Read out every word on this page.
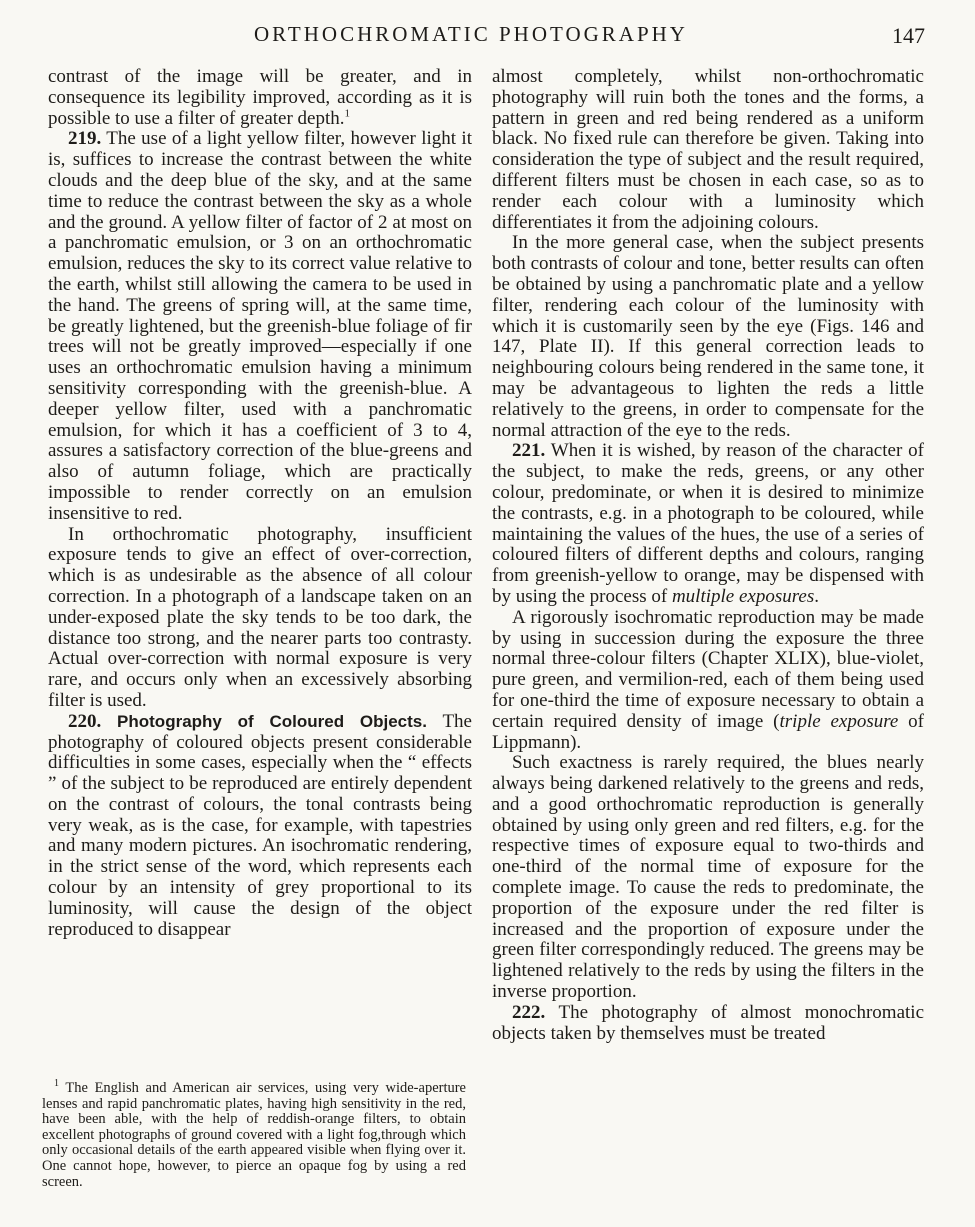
ORTHOCHROMATIC PHOTOGRAPHY	147

contrast of the image will be greater, and in consequence its legibility improved, according as it is possible to use a filter of greater depth.$^1$

219. The use of a light yellow filter, however light it is, suffices to increase the contrast between the white clouds and the deep blue of the sky, and at the same time to reduce the contrast between the sky as a whole and the ground. A yellow filter of factor of 2 at most on a panchromatic emulsion, or 3 on an orthochromatic emulsion, reduces the sky to its correct value relative to the earth, whilst still allowing the camera to be used in the hand. The greens of spring will, at the same time, be greatly lightened, but the greenish-blue foliage of fir trees will not be greatly improved—especially if one uses an orthochromatic emulsion having a minimum sensitivity corresponding with the greenish-blue. A deeper yellow filter, used with a panchromatic emulsion, for which it has a coefficient of 3 to 4, assures a satisfactory correction of the blue-greens and also of autumn foliage, which are practically impossible to render correctly on an emulsion insensitive to red.

In orthochromatic photography, insufficient exposure tends to give an effect of over-correction, which is as undesirable as the absence of all colour correction. In a photograph of a landscape taken on an under-exposed plate the sky tends to be too dark, the distance too strong, and the nearer parts too contrasty. Actual over-correction with normal exposure is very rare, and occurs only when an excessively absorbing filter is used.

220. Photography of Coloured Objects. The photography of coloured objects present considerable difficulties in some cases, especially when the “ effects ” of the subject to be reproduced are entirely dependent on the contrast of colours, the tonal contrasts being very weak, as is the case, for example, with tapestries and many modern pictures. An isochromatic rendering, in the strict sense of the word, which represents each colour by an intensity of grey proportional to its luminosity, will cause the design of the object reproduced to disappear

almost completely, whilst non-orthochromatic photography will ruin both the tones and the forms, a pattern in green and red being rendered as a uniform black. No fixed rule can therefore be given. Taking into consideration the type of subject and the result required, different filters must be chosen in each case, so as to render each colour with a luminosity which differentiates it from the adjoining colours.

In the more general case, when the subject presents both contrasts of colour and tone, better results can often be obtained by using a panchromatic plate and a yellow filter, rendering each colour of the luminosity with which it is customarily seen by the eye (Figs. 146 and 147, Plate II). If this general correction leads to neighbouring colours being rendered in the same tone, it may be advantageous to lighten the reds a little relatively to the greens, in order to compensate for the normal attraction of the eye to the reds.

221. When it is wished, by reason of the character of the subject, to make the reds, greens, or any other colour, predominate, or when it is desired to minimize the contrasts, e.g. in a photograph to be coloured, while maintaining the values of the hues, the use of a series of coloured filters of different depths and colours, ranging from greenish-yellow to orange, may be dispensed with by using the process of multiple exposures.

A rigorously isochromatic reproduction may be made by using in succession during the exposure the three normal three-colour filters (Chapter XLIX), blue-violet, pure green, and vermilion-red, each of them being used for one-third the time of exposure necessary to obtain a certain required density of image (triple exposure of Lippmann).

Such exactness is rarely required, the blues nearly always being darkened relatively to the greens and reds, and a good orthochromatic reproduction is generally obtained by using only green and red filters, e.g. for the respective times of exposure equal to two-thirds and one-third of the normal time of exposure for the complete image. To cause the reds to predominate, the proportion of the exposure under the red filter is increased and the proportion of exposure under the green filter correspondingly reduced. The greens may be lightened relatively to the reds by using the filters in the inverse proportion.

222. The photography of almost monochromatic objects taken by themselves must be treated

$^1$ The English and American air services, using very wide-aperture lenses and rapid panchromatic plates, having high sensitivity in the red, have been able, with the help of reddish-orange filters, to obtain excellent photographs of ground covered with a light fog,through which only occasional details of the earth appeared visible when flying over it. One cannot hope, however, to pierce an opaque fog by using a red screen.
